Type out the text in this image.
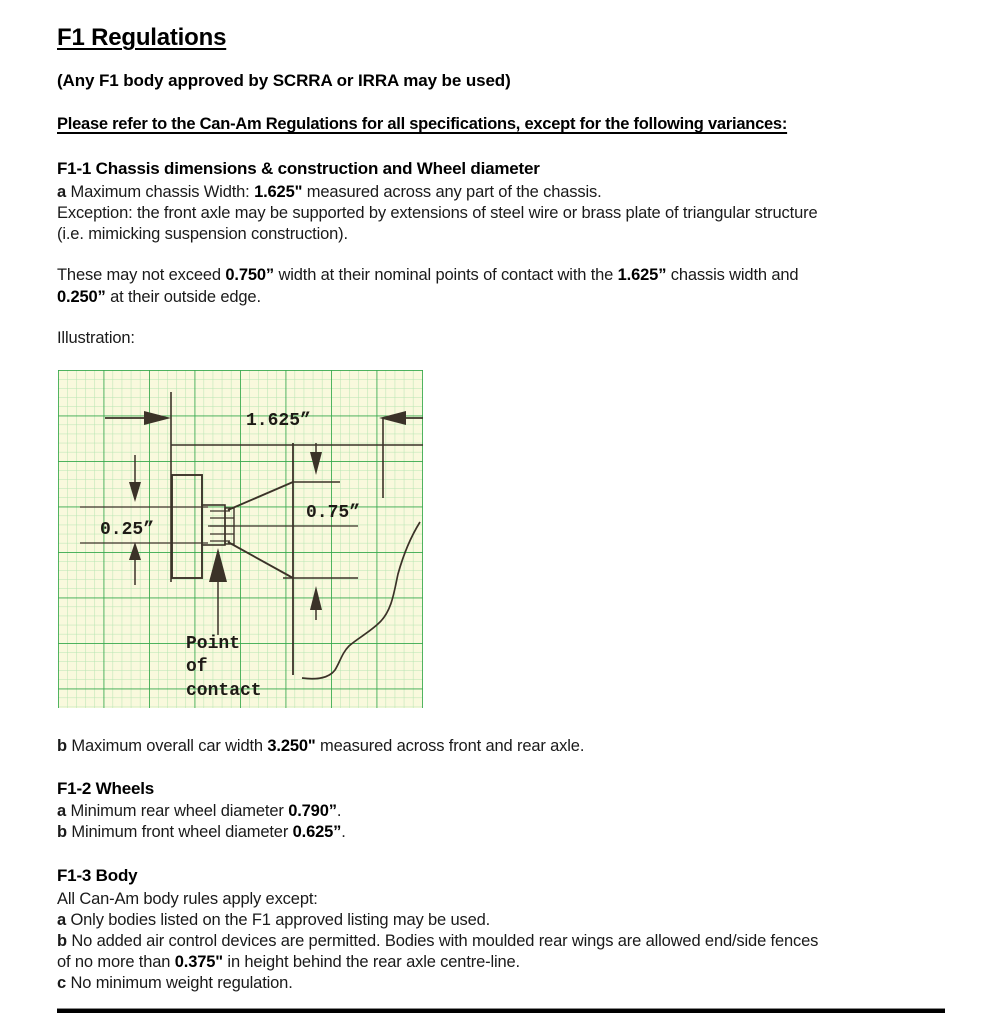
F1 Regulations
(Any F1 body approved by SCRRA or IRRA may be used)
Please refer to the Can-Am Regulations for all specifications, except for the following variances:
F1-1 Chassis dimensions & construction and Wheel diameter
a Maximum chassis Width: 1.625" measured across any part of the chassis.
Exception: the front axle may be supported by extensions of steel wire or brass plate of triangular structure
(i.e. mimicking suspension construction).
These may not exceed 0.750” width at their nominal points of contact with the 1.625” chassis width and
0.250” at their outside edge.
Illustration:
1.625”
0.75”
0.25”
Point
of
contact
b Maximum overall car width 3.250" measured across front and rear axle.
F1-2 Wheels
a Minimum rear wheel diameter 0.790”.
b Minimum front wheel diameter 0.625”.
F1-3 Body
All Can-Am body rules apply except:
a Only bodies listed on the F1 approved listing may be used.
b No added air control devices are permitted. Bodies with moulded rear wings are allowed end/side fences
of no more than 0.375" in height behind the rear axle centre-line.
c No minimum weight regulation.
